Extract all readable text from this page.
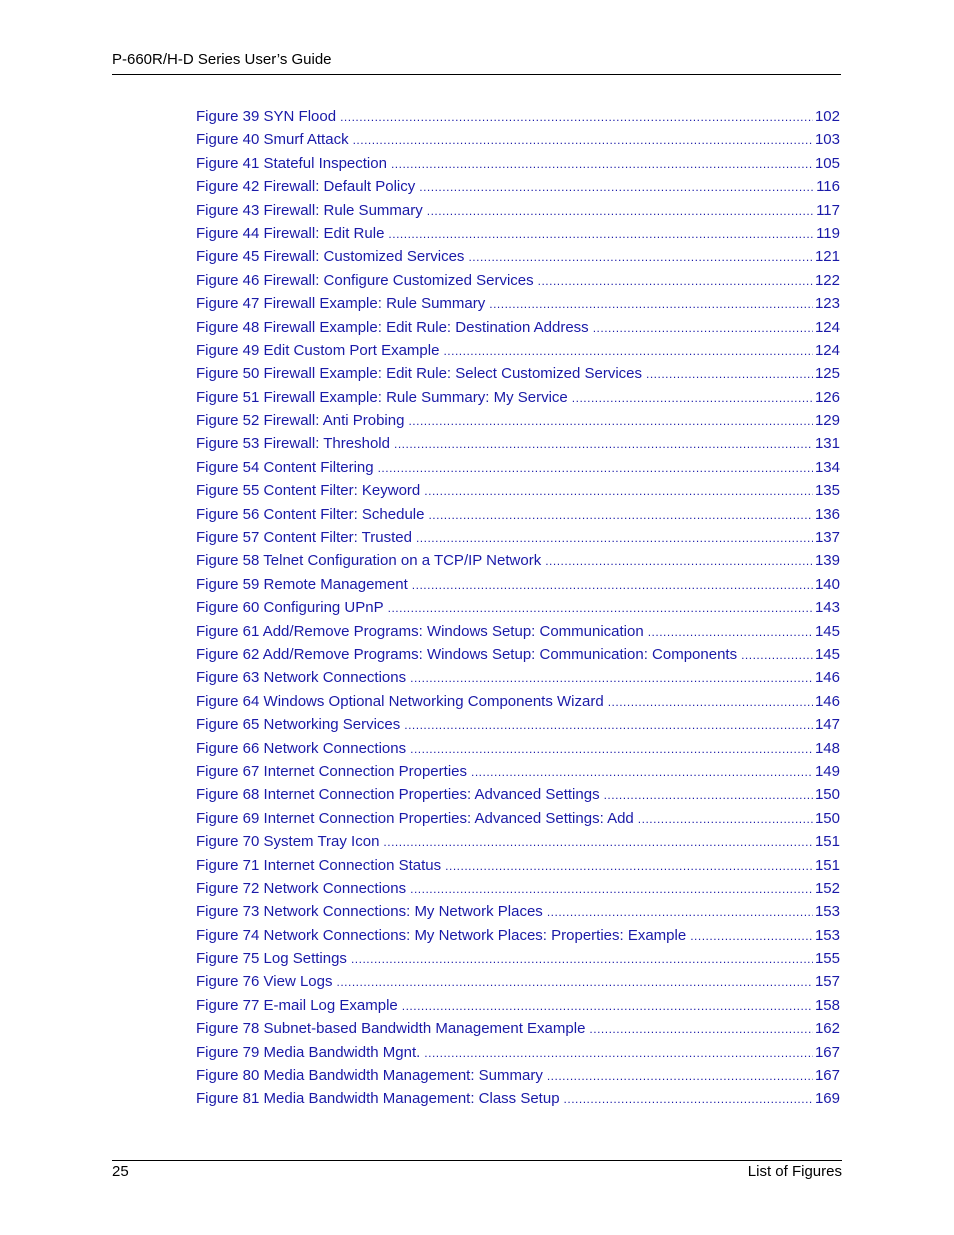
P-660R/H-D Series User’s Guide
Figure 39 SYN Flood .....	102
Figure 40 Smurf Attack .....	103
Figure 41 Stateful Inspection .....	105
Figure 42 Firewall: Default Policy .....	116
Figure 43 Firewall: Rule Summary .....	117
Figure 44 Firewall: Edit Rule .....	119
Figure 45 Firewall: Customized Services .....	121
Figure 46 Firewall: Configure Customized Services .....	122
Figure 47 Firewall Example: Rule Summary .....	123
Figure 48 Firewall Example: Edit Rule: Destination Address .....	124
Figure 49 Edit Custom Port Example .....	124
Figure 50 Firewall Example: Edit Rule: Select Customized Services .....	125
Figure 51 Firewall Example: Rule Summary: My Service .....	126
Figure 52 Firewall: Anti Probing .....	129
Figure 53 Firewall: Threshold .....	131
Figure 54 Content Filtering .....	134
Figure 55 Content Filter: Keyword .....	135
Figure 56 Content Filter: Schedule .....	136
Figure 57 Content Filter: Trusted .....	137
Figure 58 Telnet Configuration on a TCP/IP Network .....	139
Figure 59 Remote Management .....	140
Figure 60 Configuring UPnP .....	143
Figure 61 Add/Remove Programs: Windows Setup: Communication .....	145
Figure 62 Add/Remove Programs: Windows Setup: Communication: Components .....	145
Figure 63 Network Connections .....	146
Figure 64 Windows Optional Networking Components Wizard .....	146
Figure 65 Networking Services .....	147
Figure 66 Network Connections .....	148
Figure 67 Internet Connection Properties .....	149
Figure 68 Internet Connection Properties: Advanced Settings .....	150
Figure 69 Internet Connection Properties: Advanced Settings: Add .....	150
Figure 70 System Tray Icon .....	151
Figure 71 Internet Connection Status .....	151
Figure 72 Network Connections .....	152
Figure 73 Network Connections: My Network Places .....	153
Figure 74 Network Connections: My Network Places: Properties: Example .....	153
Figure 75 Log Settings .....	155
Figure 76 View Logs .....	157
Figure 77 E-mail Log Example .....	158
Figure 78 Subnet-based Bandwidth Management Example .....	162
Figure 79 Media Bandwidth Mgnt. .....	167
Figure 80 Media Bandwidth Management: Summary .....	167
Figure 81 Media Bandwidth Management: Class Setup .....	169
25	List of Figures
